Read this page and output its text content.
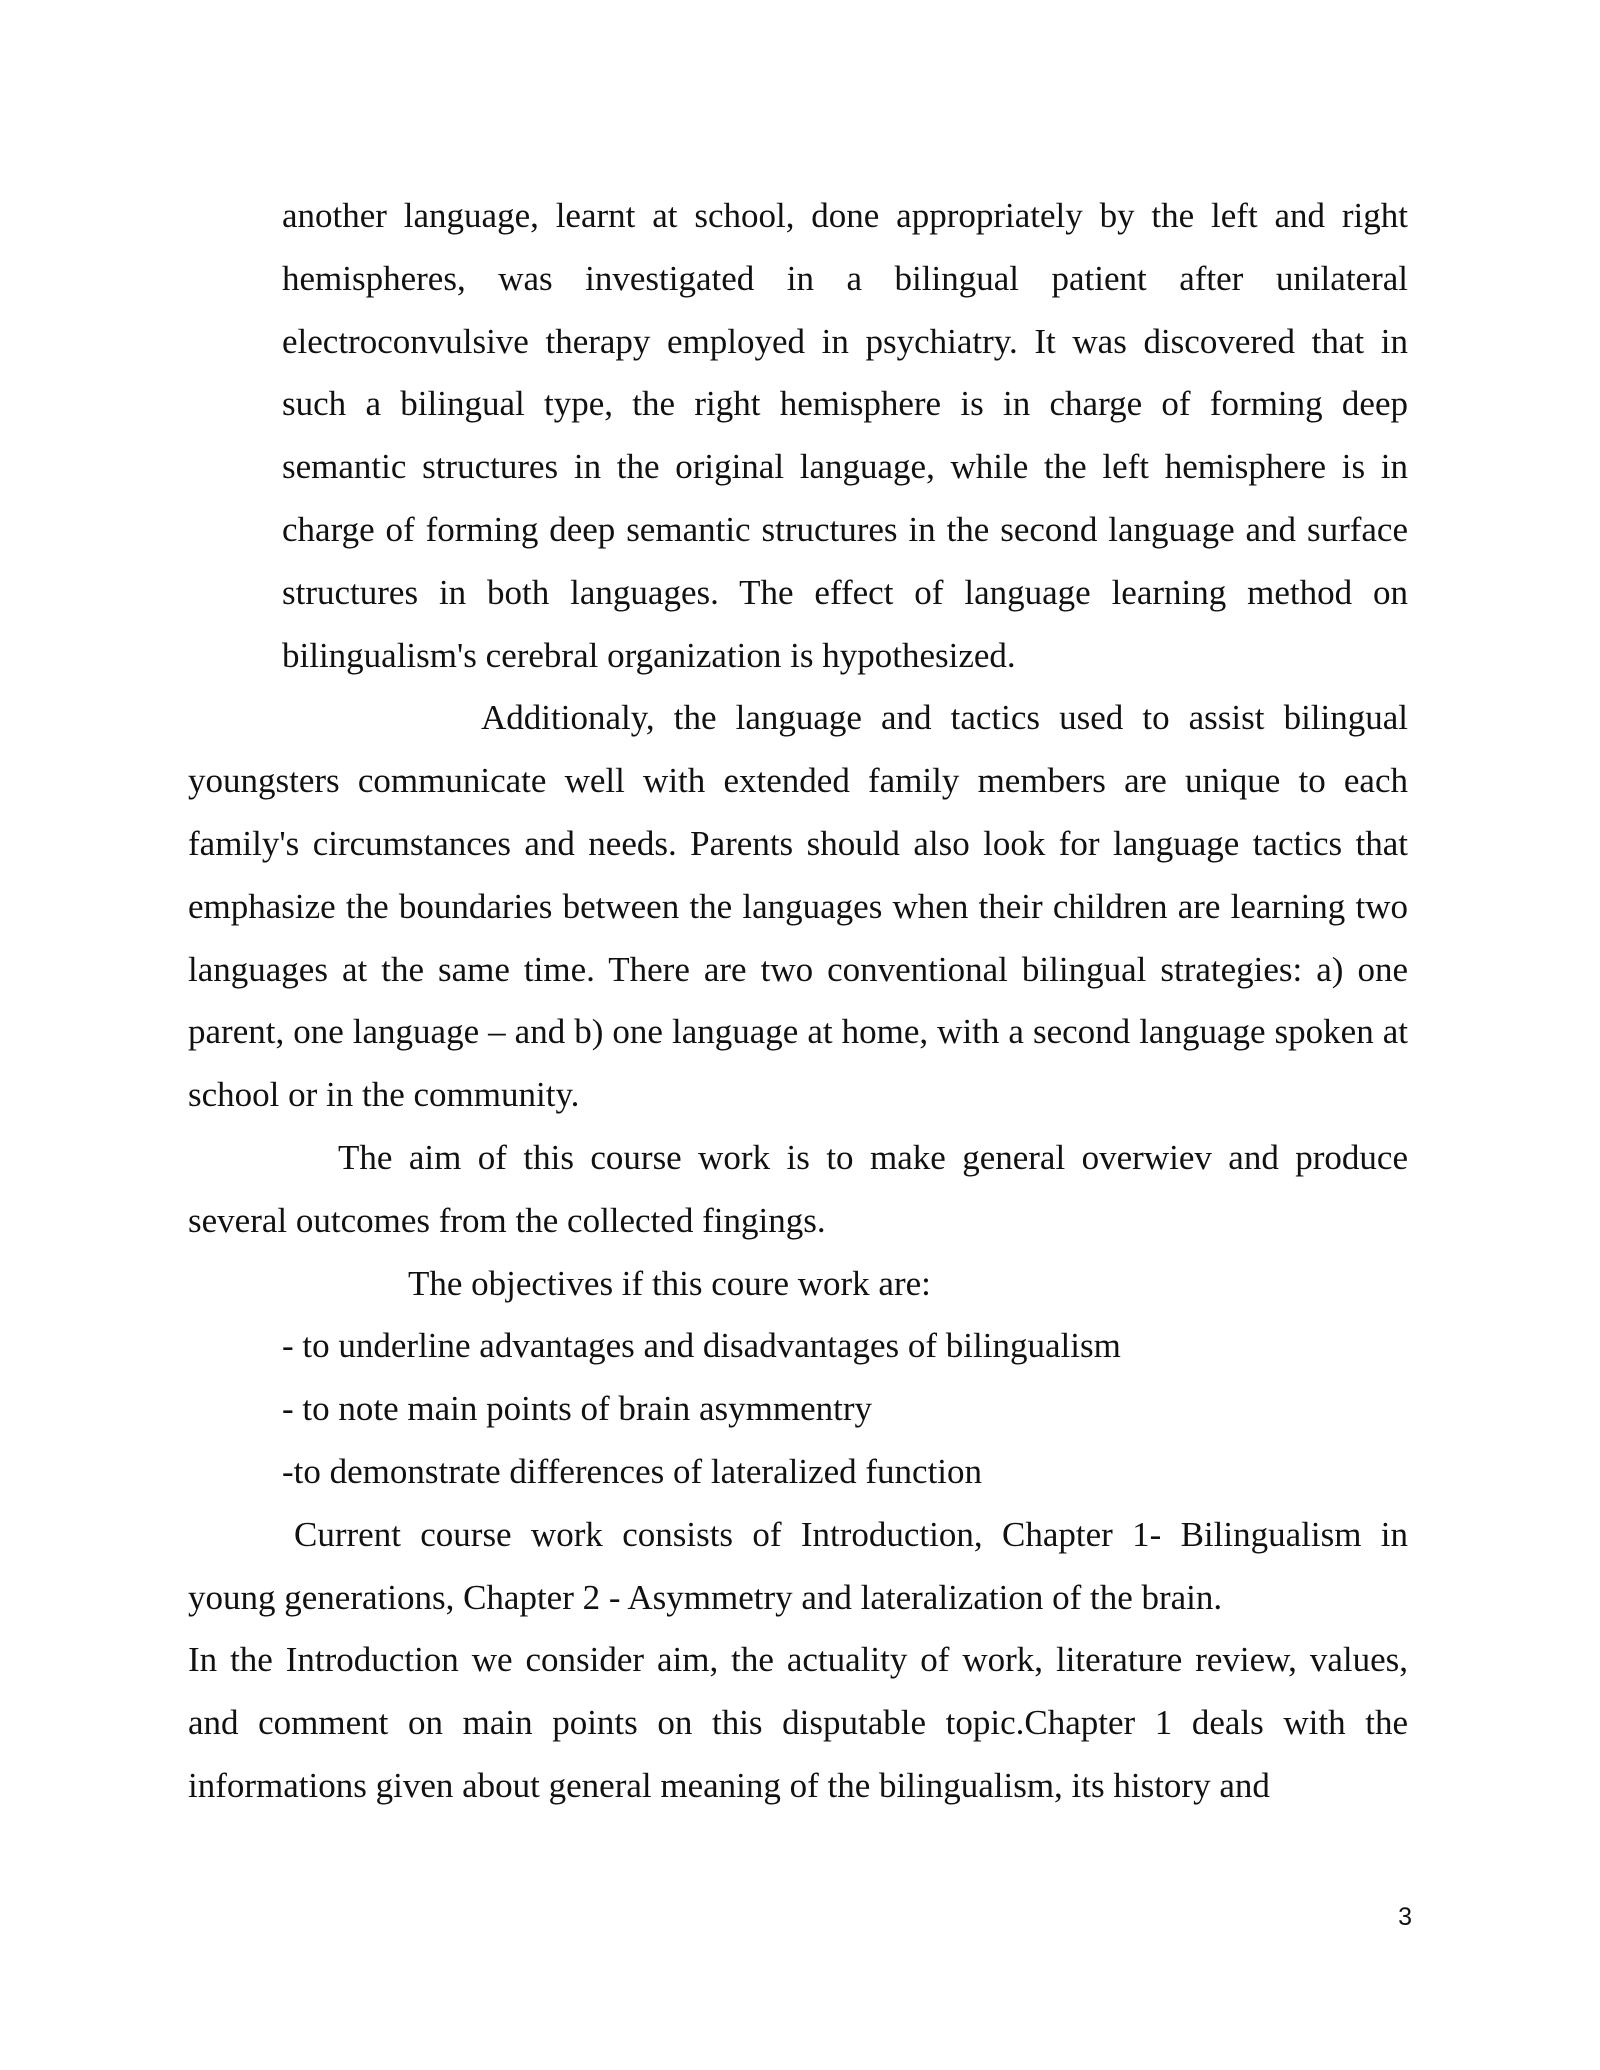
another language, learnt at school, done appropriately by the left and right hemispheres, was investigated in a bilingual patient after unilateral electroconvulsive therapy employed in psychiatry. It was discovered that in such a bilingual type, the right hemisphere is in charge of forming deep semantic structures in the original language, while the left hemisphere is in charge of forming deep semantic structures in the second language and surface structures in both languages. The effect of language learning method on bilingualism's cerebral organization is hypothesized.

Additionaly, the language and tactics used to assist bilingual youngsters communicate well with extended family members are unique to each family's circumstances and needs. Parents should also look for language tactics that emphasize the boundaries between the languages when their children are learning two languages at the same time. There are two conventional bilingual strategies: a) one parent, one language – and b) one language at home, with a second language spoken at school or in the community.

The aim of this course work is to make general overwiev and produce several outcomes from the collected fingings.

The objectives if this coure work are:

- to underline advantages and disadvantages of bilingualism

- to note main points of brain asymmentry

-to demonstrate differences of lateralized function

Current course work consists of Introduction, Chapter 1- Bilingualism in young generations, Chapter 2 - Asymmetry and lateralization of the brain.

In the Introduction we consider aim, the actuality of work, literature review, values, and comment on main points on this disputable topic.Chapter 1 deals with the informations given about general meaning of the bilingualism, its history and

3
